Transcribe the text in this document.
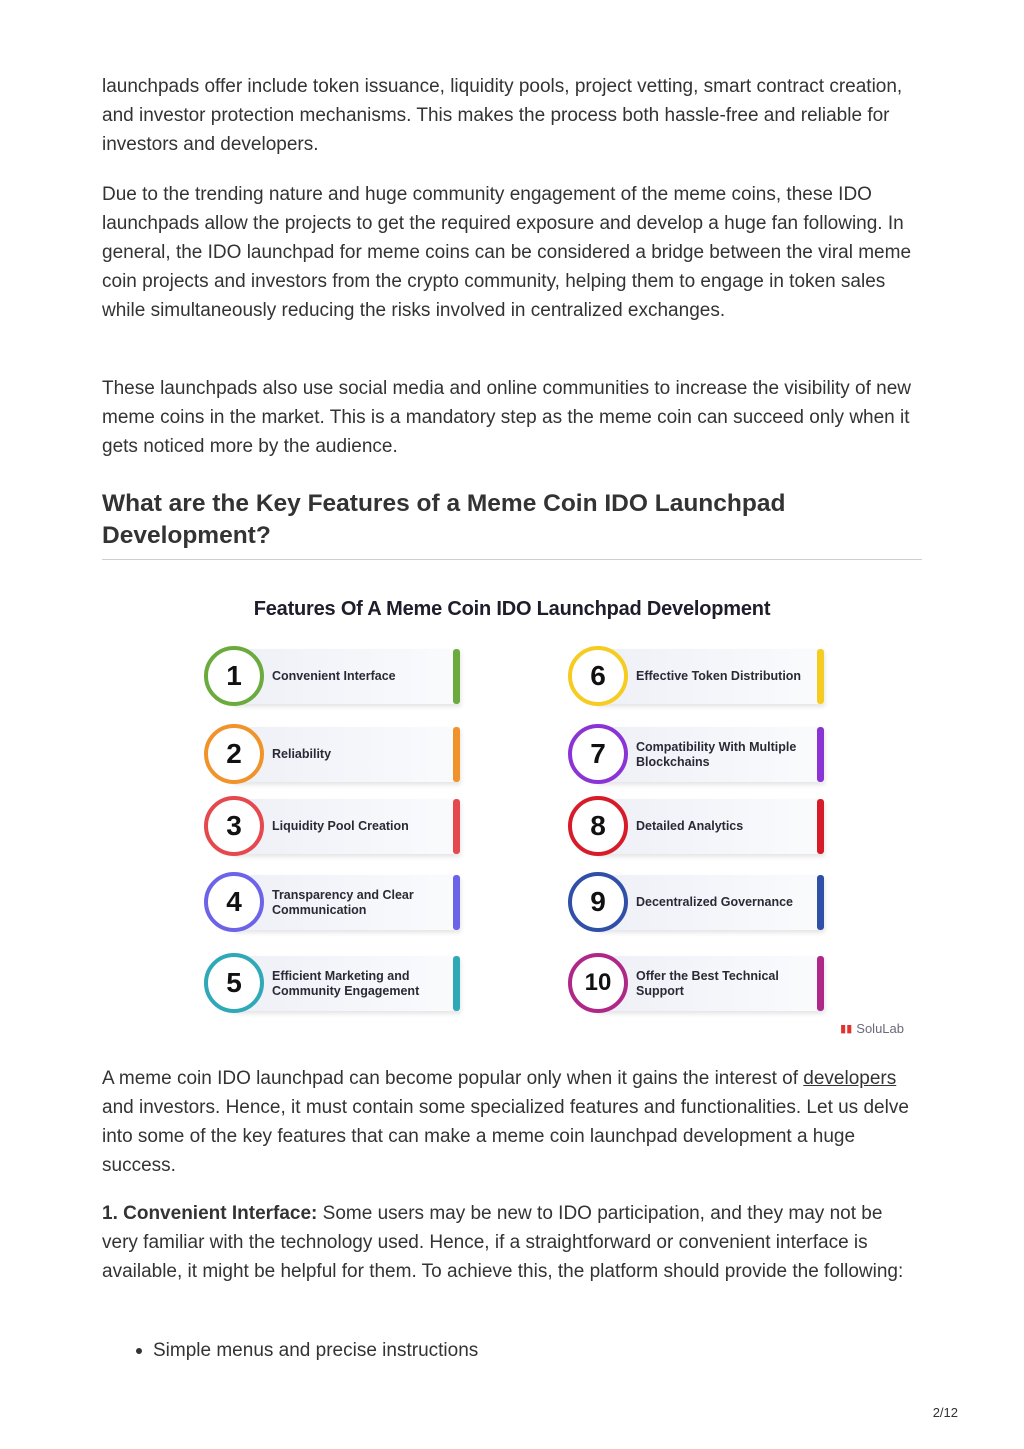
launchpads offer include token issuance, liquidity pools, project vetting, smart contract creation, and investor protection mechanisms. This makes the process both hassle-free and reliable for investors and developers.

Due to the trending nature and huge community engagement of the meme coins, these IDO launchpads allow the projects to get the required exposure and develop a huge fan following. In general, the IDO launchpad for meme coins can be considered a bridge between the viral meme coin projects and investors from the crypto community, helping them to engage in token sales while simultaneously reducing the risks involved in centralized exchanges.

These launchpads also use social media and online communities to increase the visibility of new meme coins in the market. This is a mandatory step as the meme coin can succeed only when it gets noticed more by the audience.

What are the Key Features of a Meme Coin IDO Launchpad Development?
Features Of A Meme Coin IDO Launchpad Development
Convenient Interface
1
Reliability
2
Liquidity Pool Creation
3
Transparency and Clear Communication
4
Efficient Marketing and Community Engagement
5
Effective Token Distribution
6
Compatibility With Multiple Blockchains
7
Detailed Analytics
8
Decentralized Governance
9
Offer the Best Technical Support
10
▮▮ SoluLab

A meme coin IDO launchpad can become popular only when it gains the interest of developers and investors. Hence, it must contain some specialized features and functionalities. Let us delve into some of the key features that can make a meme coin launchpad development a huge success.

1. Convenient Interface: Some users may be new to IDO participation, and they may not be very familiar with the technology used. Hence, if a straightforward or convenient interface is available, it might be helpful for them. To achieve this, the platform should provide the following:

Simple menus and precise instructions
2/12
